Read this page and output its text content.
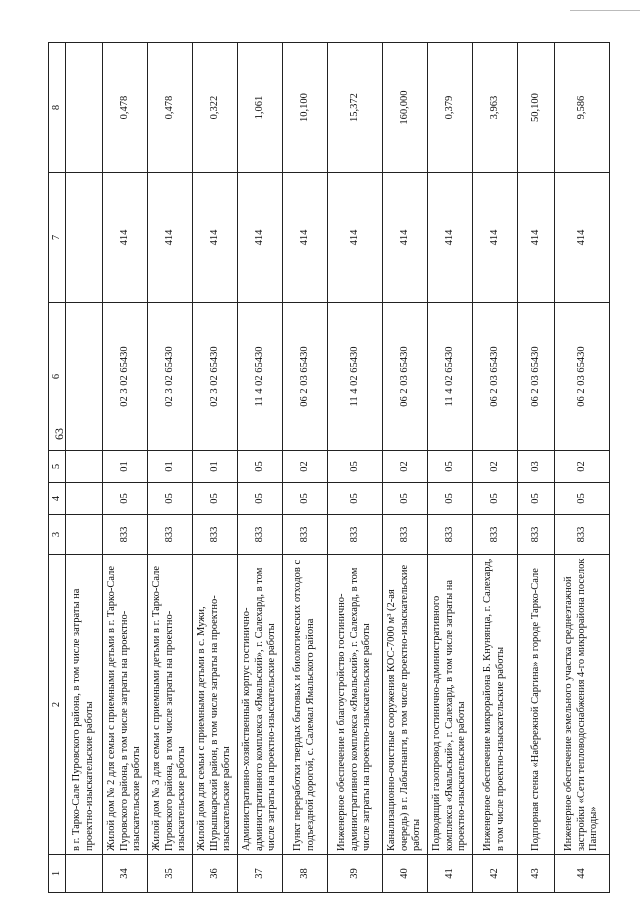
63
1	2	3	4	5	6	7	8
	в г. Тарко-Сале Пуровского района, в том числе затраты на проектно-изыскательские работы						
34	Жилой дом № 2 для семьи с приемными детьми в г. Тарко-Сале Пуровского района, в том числе затраты на проектно-изыскательские работы	833	05	01	02 3 02 65430	414	0,478
35	Жилой дом № 3 для семьи с приемными детьми в г. Тарко-Сале Пуровского района, в том числе затраты на проектно-изыскательские работы	833	05	01	02 3 02 65430	414	0,478
36	Жилой дом для семьи с приемными детьми в с. Мужи, Шурышкарский район, в том числе затраты на проектно-изыскательские работы	833	05	01	02 3 02 65430	414	0,322
37	Административно-хозяйственный корпус гостинично-административного комплекса «Ямальский», г. Салехард, в том числе затраты на проектно-изыскательские работы	833	05	05	11 4 02 65430	414	1,061
38	Пункт переработки твердых бытовых и биологических отходов с подъездной дорогой, с. Салемал Ямальского района	833	05	02	06 2 03 65430	414	10,100
39	Инженерное обеспечение и благоустройство гостинично-административного комплекса «Ямальский», г. Салехард, в том числе затраты на проектно-изыскательские работы	833	05	05	11 4 02 65430	414	15,372
40	Канализационно-очистные сооружения КОС-7000 м³ (2-ая очередь) в г. Лабытнанги, в том числе проектно-изыскательские работы	833	05	02	06 2 03 65430	414	160,000
41	Подводящий газопровод гостинично-административного комплекса «Ямальский», г. Салехард, в том числе затраты на проектно-изыскательские работы	833	05	05	11 4 02 65430	414	0,379
42	Инженерное обеспечение микрорайона Б. Кнунянца, г. Салехард, в том числе проектно-изыскательские работы	833	05	02	06 2 03 65430	414	3,963
43	Подпорная стенка «Набережной Саргина» в городе Тарко-Сале	833	05	03	06 2 03 65430	414	50,100
44	Инженерное обеспечение земельного участка среднеэтажной застройки «Сети тепловодоснабжения 4-го микрорайона поселок Пангоды»	833	05	02	06 2 03 65430	414	9,586
